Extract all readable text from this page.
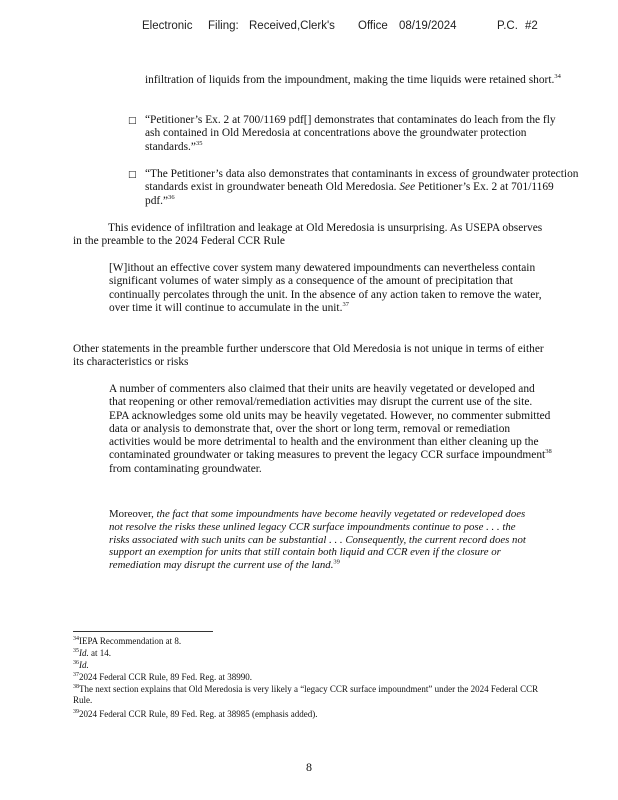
Electronic Filing: Received,Clerk's Office 08/19/2024	P.C. #2
infiltration of liquids from the impoundment, making the time liquids were retained short.$^{34}$
□ “Petitioner’s Ex. 2 at 700/1169 pdf[] demonstrates that contaminates do leach from the fly ash contained in Old Meredosia at concentrations above the groundwater protection standards.”$^{35}$
□ “The Petitioner’s data also demonstrates that contaminants in excess of groundwater protection standards exist in groundwater beneath Old Meredosia. See Petitioner’s Ex. 2 at 701/1169 pdf.”$^{36}$
This evidence of infiltration and leakage at Old Meredosia is unsurprising. As USEPA observes in the preamble to the 2024 Federal CCR Rule
[W]ithout an effective cover system many dewatered impoundments can nevertheless contain significant volumes of water simply as a consequence of the amount of precipitation that continually percolates through the unit. In the absence of any action taken to remove the water, over time it will continue to accumulate in the unit.$^{37}$
Other statements in the preamble further underscore that Old Meredosia is not unique in terms of either its characteristics or risks
A number of commenters also claimed that their units are heavily vegetated or developed and that reopening or other removal/remediation activities may disrupt the current use of the site. EPA acknowledges some old units may be heavily vegetated. However, no commenter submitted data or analysis to demonstrate that, over the short or long term, removal or remediation activities would be more detrimental to health and the environment than either cleaning up the contaminated groundwater or taking measures to prevent the legacy CCR surface impoundment$^{38}$ from contaminating groundwater.
Moreover, the fact that some impoundments have become heavily vegetated or redeveloped does not resolve the risks these unlined legacy CCR surface impoundments continue to pose . . . the risks associated with such units can be substantial . . . Consequently, the current record does not support an exemption for units that still contain both liquid and CCR even if the closure or remediation may disrupt the current use of the land.$^{39}$
$^{34}$IEPA Recommendation at 8.
$^{35}$Id. at 14.
$^{36}$Id.
$^{37}$2024 Federal CCR Rule, 89 Fed. Reg. at 38990.
$^{38}$The next section explains that Old Meredosia is very likely a “legacy CCR surface impoundment” under the 2024 Federal CCR Rule.
$^{39}$2024 Federal CCR Rule, 89 Fed. Reg. at 38985 (emphasis added).
8
